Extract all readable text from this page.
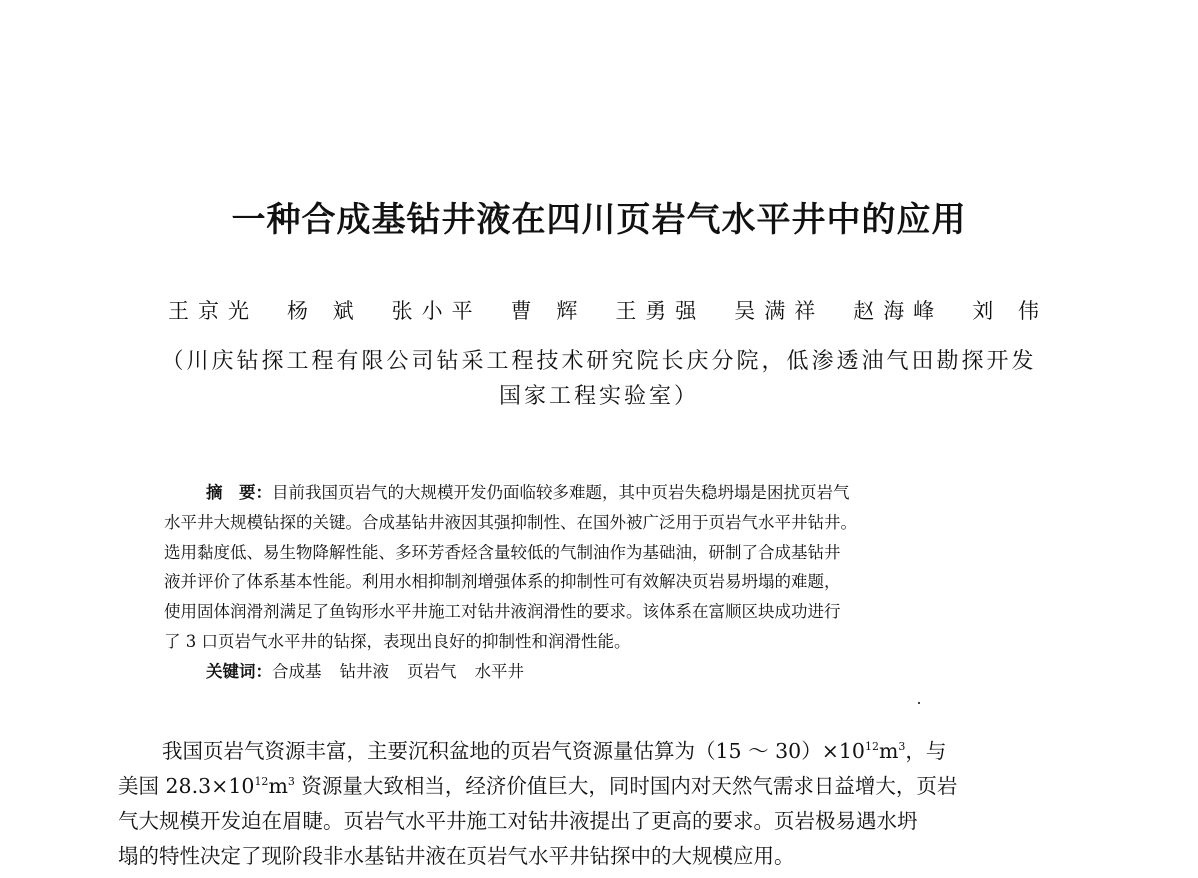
一种合成基钻井液在四川页岩气水平井中的应用
王京光 杨 斌 张小平 曹 辉 王勇强 吴满祥 赵海峰 刘 伟
（川庆钻探工程有限公司钻采工程技术研究院长庆分院，低渗透油气田勘探开发
国家工程实验室）
摘　要：目前我国页岩气的大规模开发仍面临较多难题，其中页岩失稳坍塌是困扰页岩气
水平井大规模钻探的关键。合成基钻井液因其强抑制性、在国外被广泛用于页岩气水平井钻井。
选用黏度低、易生物降解性能、多环芳香烃含量较低的气制油作为基础油，研制了合成基钻井
液并评价了体系基本性能。利用水相抑制剂增强体系的抑制性可有效解决页岩易坍塌的难题，
使用固体润滑剂满足了鱼钩形水平井施工对钻井液润滑性的要求。该体系在富顺区块成功进行
了 3 口页岩气水平井的钻探，表现出良好的抑制性和润滑性能。
关键词：合成基 钻井液 页岩气 水平井
我国页岩气资源丰富，主要沉积盆地的页岩气资源量估算为（15 ～ $30)\times 10^{12}m^3$，与
美国 $28.3\times 10^{12}m^3$ 资源量大致相当，经济价值巨大，同时国内对天然气需求日益增大，页岩
气大规模开发迫在眉睫。页岩气水平井施工对钻井液提出了更高的要求。页岩极易遇水坍
塌的特性决定了现阶段非水基钻井液在页岩气水平井钻探中的大规模应用。
